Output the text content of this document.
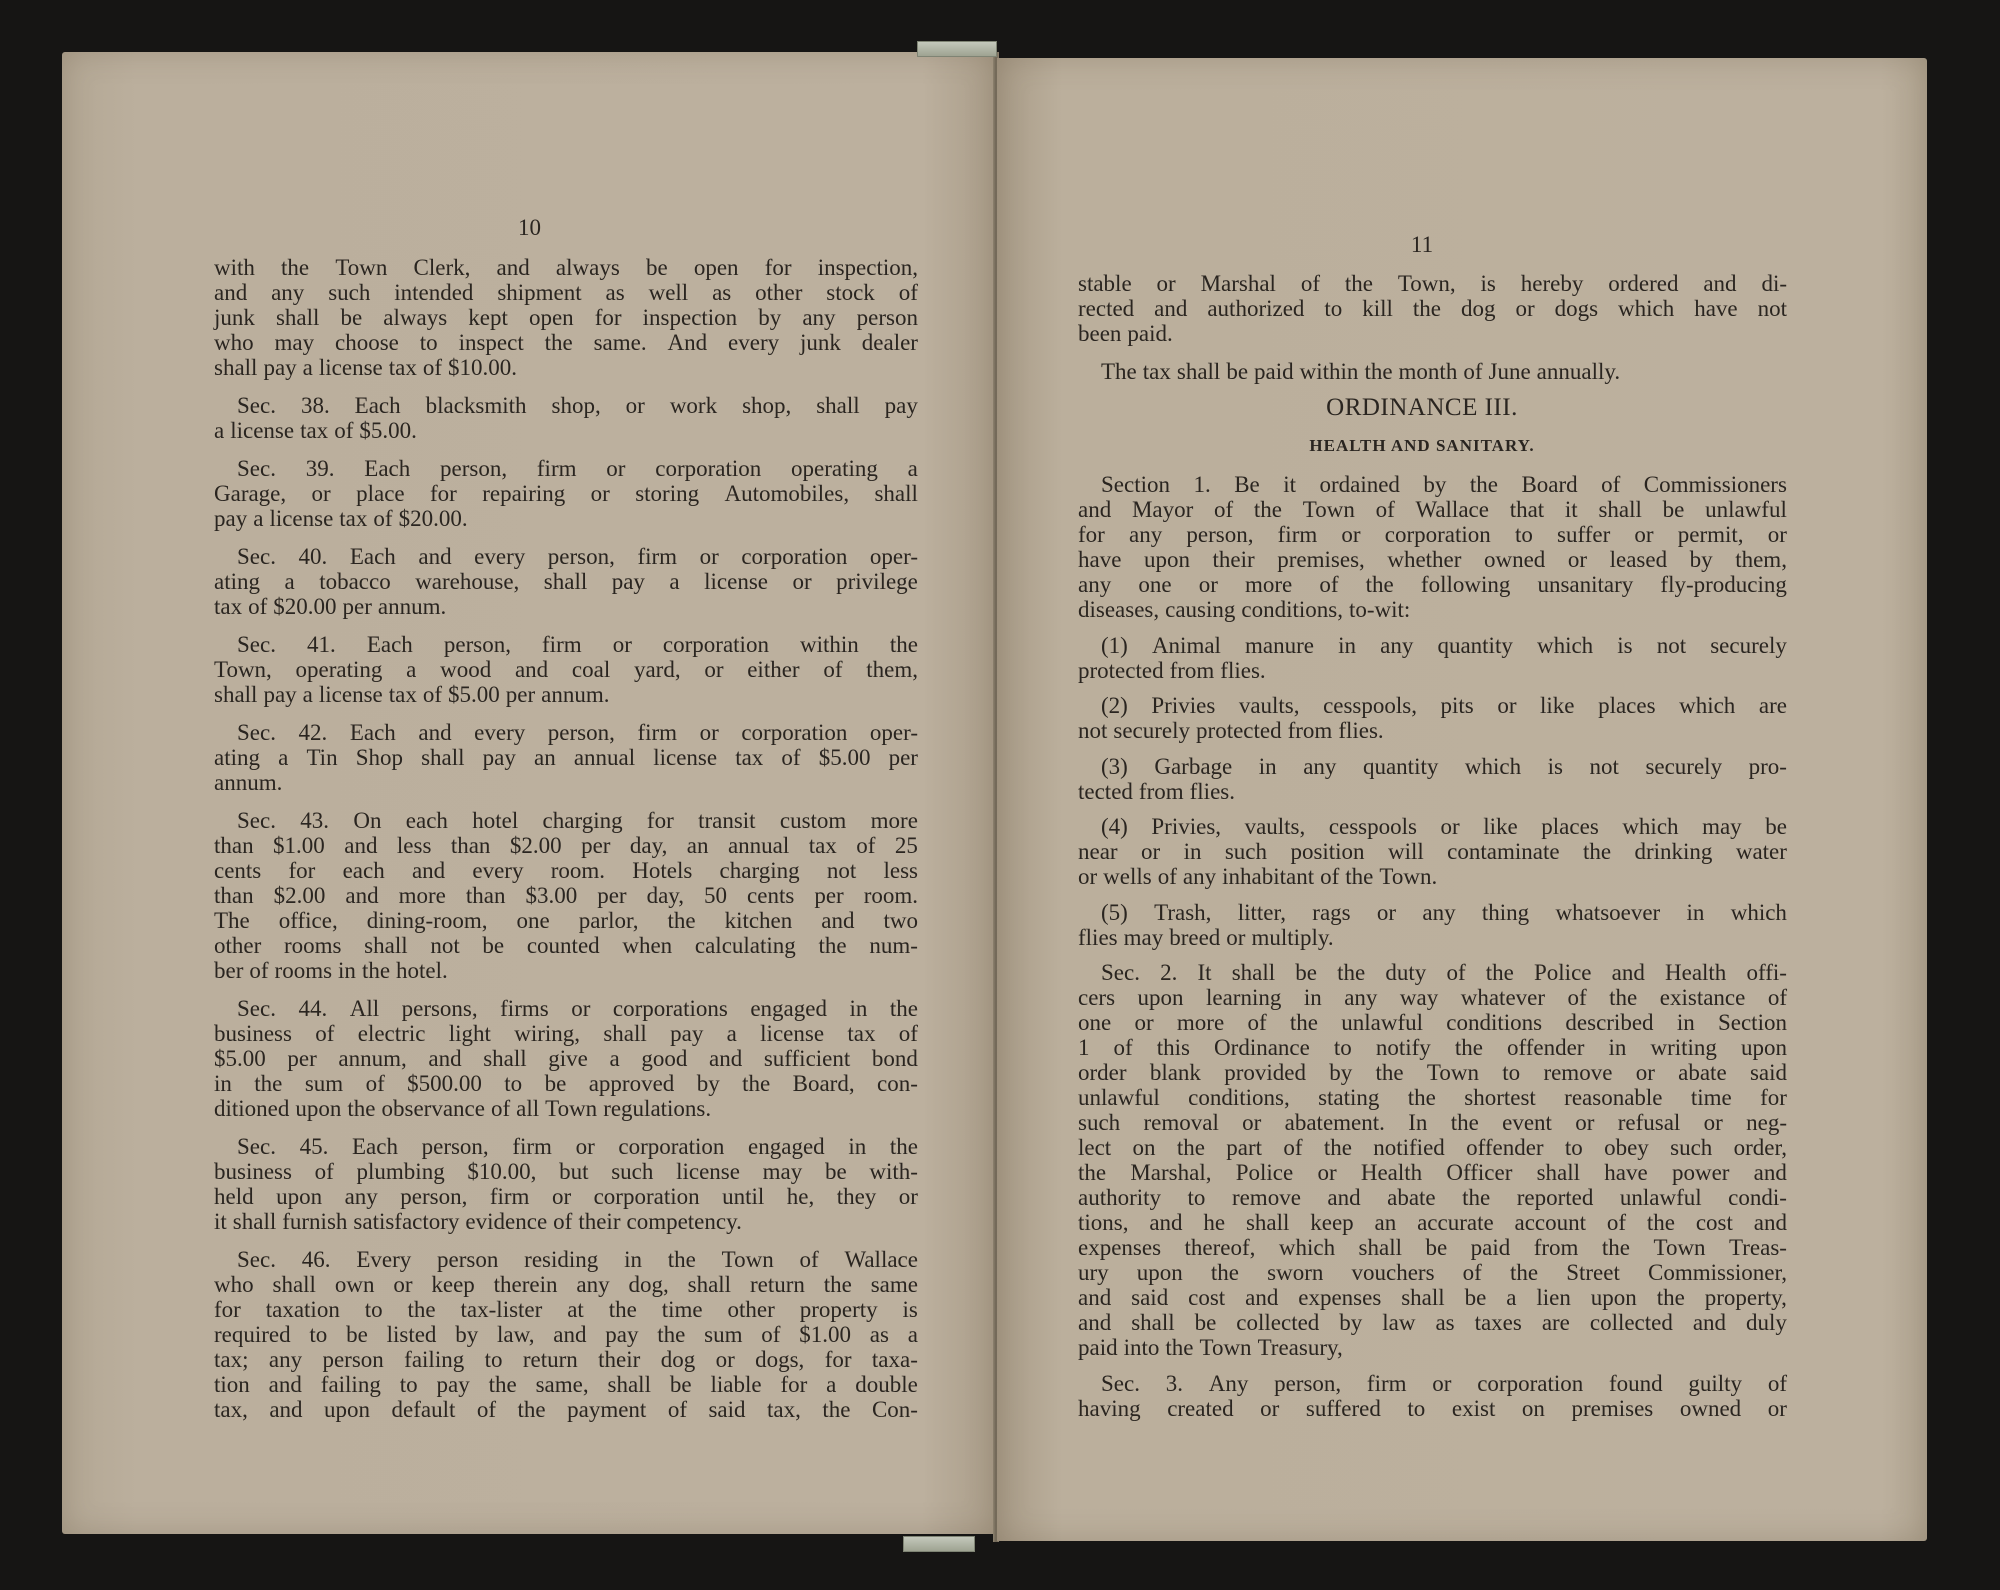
10
with the Town Clerk, and always be open for inspection,
and any such intended shipment as well as other stock of
junk shall be always kept open for inspection by any person
who may choose to inspect the same. And every junk dealer
shall pay a license tax of $10.00.
Sec. 38. Each blacksmith shop, or work shop, shall pay
a license tax of $5.00.
Sec. 39. Each person, firm or corporation operating a
Garage, or place for repairing or storing Automobiles, shall
pay a license tax of $20.00.
Sec. 40. Each and every person, firm or corporation oper-
ating a tobacco warehouse, shall pay a license or privilege
tax of $20.00 per annum.
Sec. 41. Each person, firm or corporation within the
Town, operating a wood and coal yard, or either of them,
shall pay a license tax of $5.00 per annum.
Sec. 42. Each and every person, firm or corporation oper-
ating a Tin Shop shall pay an annual license tax of $5.00 per
annum.
Sec. 43. On each hotel charging for transit custom more
than $1.00 and less than $2.00 per day, an annual tax of 25
cents for each and every room. Hotels charging not less
than $2.00 and more than $3.00 per day, 50 cents per room.
The office, dining-room, one parlor, the kitchen and two
other rooms shall not be counted when calculating the num-
ber of rooms in the hotel.
Sec. 44. All persons, firms or corporations engaged in the
business of electric light wiring, shall pay a license tax of
$5.00 per annum, and shall give a good and sufficient bond
in the sum of $500.00 to be approved by the Board, con-
ditioned upon the observance of all Town regulations.
Sec. 45. Each person, firm or corporation engaged in the
business of plumbing $10.00, but such license may be with-
held upon any person, firm or corporation until he, they or
it shall furnish satisfactory evidence of their competency.
Sec. 46. Every person residing in the Town of Wallace
who shall own or keep therein any dog, shall return the same
for taxation to the tax-lister at the time other property is
required to be listed by law, and pay the sum of $1.00 as a
tax; any person failing to return their dog or dogs, for taxa-
tion and failing to pay the same, shall be liable for a double
tax, and upon default of the payment of said tax, the Con-
11
stable or Marshal of the Town, is hereby ordered and di-
rected and authorized to kill the dog or dogs which have not
been paid.
The tax shall be paid within the month of June annually.
ORDINANCE III.
HEALTH AND SANITARY.
Section 1. Be it ordained by the Board of Commissioners
and Mayor of the Town of Wallace that it shall be unlawful
for any person, firm or corporation to suffer or permit, or
have upon their premises, whether owned or leased by them,
any one or more of the following unsanitary fly-producing
diseases, causing conditions, to-wit:
(1) Animal manure in any quantity which is not securely
protected from flies.
(2) Privies vaults, cesspools, pits or like places which are
not securely protected from flies.
(3) Garbage in any quantity which is not securely pro-
tected from flies.
(4) Privies, vaults, cesspools or like places which may be
near or in such position will contaminate the drinking water
or wells of any inhabitant of the Town.
(5) Trash, litter, rags or any thing whatsoever in which
flies may breed or multiply.
Sec. 2. It shall be the duty of the Police and Health offi-
cers upon learning in any way whatever of the existance of
one or more of the unlawful conditions described in Section
1 of this Ordinance to notify the offender in writing upon
order blank provided by the Town to remove or abate said
unlawful conditions, stating the shortest reasonable time for
such removal or abatement. In the event or refusal or neg-
lect on the part of the notified offender to obey such order,
the Marshal, Police or Health Officer shall have power and
authority to remove and abate the reported unlawful condi-
tions, and he shall keep an accurate account of the cost and
expenses thereof, which shall be paid from the Town Treas-
ury upon the sworn vouchers of the Street Commissioner,
and said cost and expenses shall be a lien upon the property,
and shall be collected by law as taxes are collected and duly
paid into the Town Treasury,
Sec. 3. Any person, firm or corporation found guilty of
having created or suffered to exist on premises owned or
